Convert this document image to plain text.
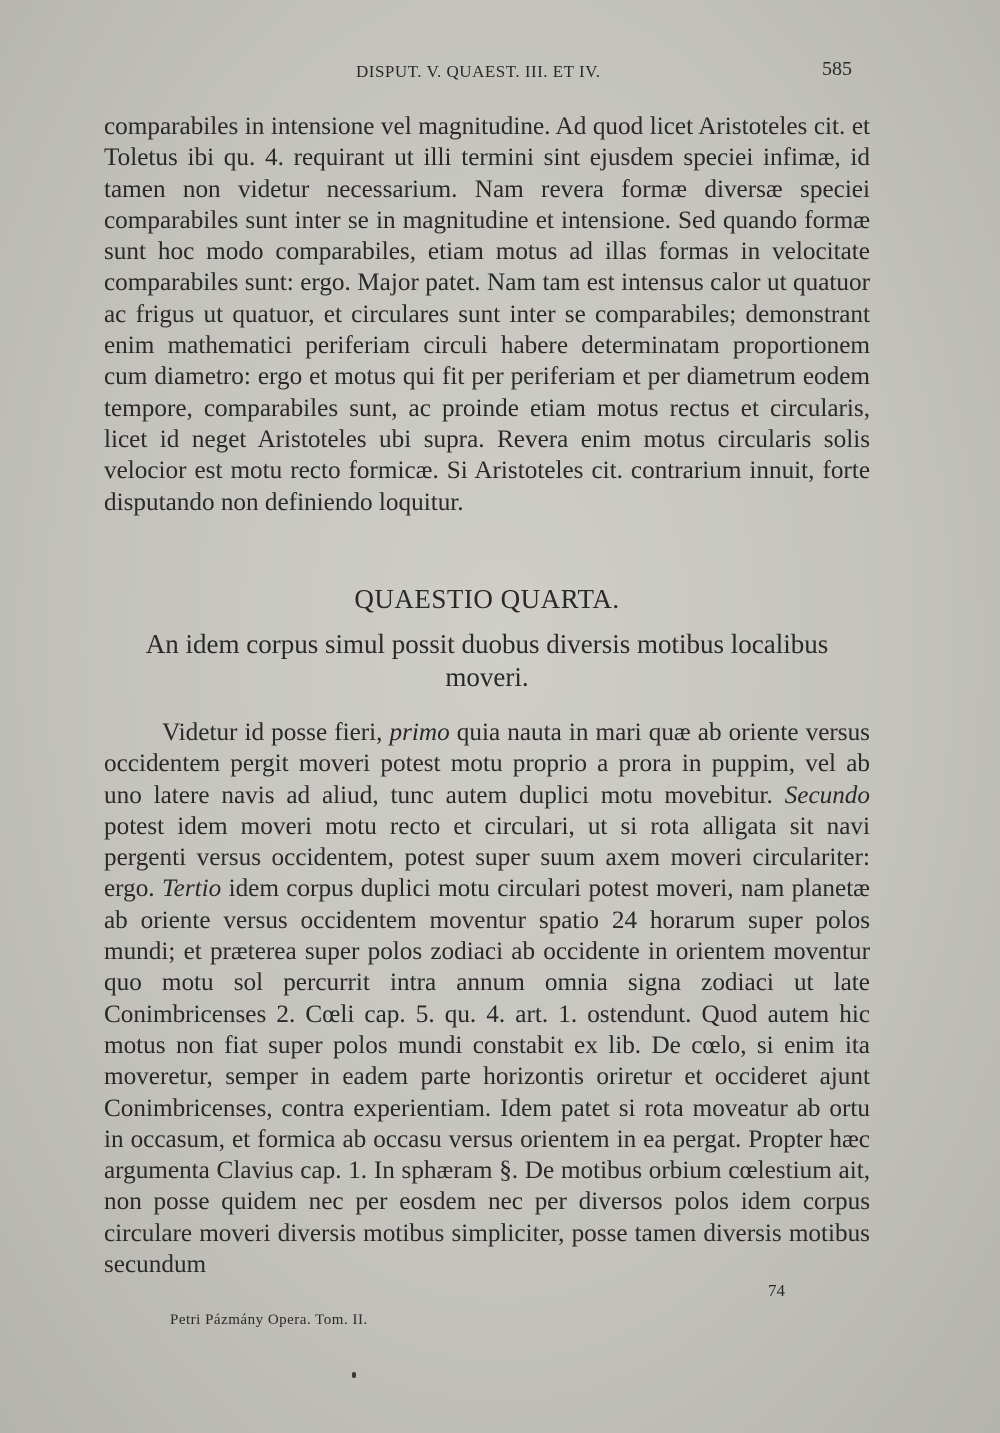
DISPUT. V. QUAEST. III. ET IV.	585

comparabiles in intensione vel magnitudine. Ad quod licet Aristoteles cit. et Toletus ibi qu. 4. requirant ut illi termini sint ejusdem speciei infimæ, id tamen non videtur necessarium. Nam revera formæ diversæ speciei comparabiles sunt inter se in magnitudine et intensione. Sed quando formæ sunt hoc modo comparabiles, etiam motus ad illas formas in velocitate comparabiles sunt: ergo. Major patet. Nam tam est intensus calor ut quatuor ac frigus ut quatuor, et circulares sunt inter se comparabiles; demonstrant enim mathematici periferiam circuli habere determinatam proportionem cum diametro: ergo et motus qui fit per periferiam et per diametrum eodem tempore, comparabiles sunt, ac proinde etiam motus rectus et circularis, licet id neget Aristoteles ubi supra. Revera enim motus circularis solis velocior est motu recto formicæ. Si Aristoteles cit. contrarium innuit, forte disputando non definiendo loquitur.

QUAESTIO QUARTA.
An idem corpus simul possit duobus diversis motibus localibus moveri.

Videtur id posse fieri, primo quia nauta in mari quæ ab oriente versus occidentem pergit moveri potest motu proprio a prora in puppim, vel ab uno latere navis ad aliud, tunc autem duplici motu movebitur. Secundo potest idem moveri motu recto et circulari, ut si rota alligata sit navi pergenti versus occidentem, potest super suum axem moveri circulariter: ergo. Tertio idem corpus duplici motu circulari potest moveri, nam planetæ ab oriente versus occidentem moventur spatio 24 horarum super polos mundi; et præterea super polos zodiaci ab occidente in orientem moventur quo motu sol percurrit intra annum omnia signa zodiaci ut late Conimbricenses 2. Cœli cap. 5. qu. 4. art. 1. ostendunt. Quod autem hic motus non fiat super polos mundi constabit ex lib. De cœlo, si enim ita moveretur, semper in eadem parte horizontis oriretur et occideret ajunt Conimbricenses, contra experientiam. Idem patet si rota moveatur ab ortu in occasum, et formica ab occasu versus orientem in ea pergat. Propter hæc argumenta Clavius cap. 1. In sphæram §. De motibus orbium cœlestium ait, non posse quidem nec per eosdem nec per diversos polos idem corpus circulare moveri diversis motibus simpliciter, posse tamen diversis motibus secundum

74
Petri Pázmány Opera. Tom. II.
